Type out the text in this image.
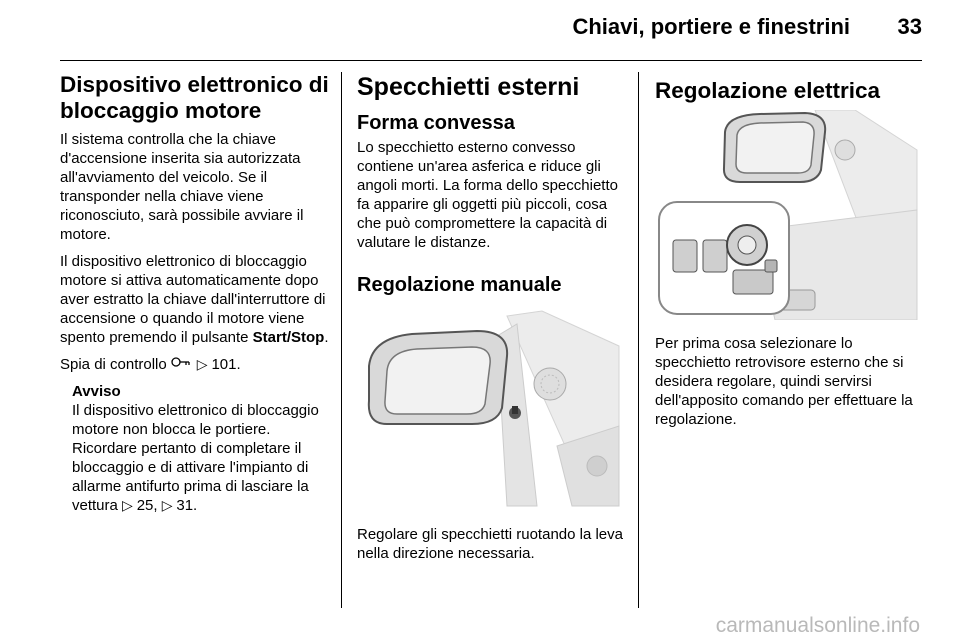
Chiavi, portiere e finestrini 33
Dispositivo elettronico di bloccaggio motore

Il sistema controlla che la chiave d'accensione inserita sia autorizzata all'avviamento del veicolo. Se il transponder nella chiave viene riconosciuto, sarà possibile avviare il motore.

Il dispositivo elettronico di bloccaggio motore si attiva automaticamente dopo aver estratto la chiave dall'interruttore di accensione o quando il motore viene spento premendo il pulsante Start/Stop.

Spia di controllo  ▷ 101.

Avviso

Il dispositivo elettronico di bloccaggio motore non blocca le portiere. Ricordare pertanto di completare il bloccaggio e di attivare l'impianto di allarme antifurto prima di lasciare la vettura ▷ 25, ▷ 31.

Specchietti esterni
Forma convessa

Lo specchietto esterno convesso contiene un'area asferica e riduce gli angoli morti. La forma dello specchietto fa apparire gli oggetti più piccoli, cosa che può compromettere la capacità di valutare le distanze.

Regolazione manuale

Regolare gli specchietti ruotando la leva nella direzione necessaria.

Regolazione elettrica

Per prima cosa selezionare lo specchietto retrovisore esterno che si desidera regolare, quindi servirsi dell'apposito comando per effettuare la regolazione.

carmanualsonline.info
